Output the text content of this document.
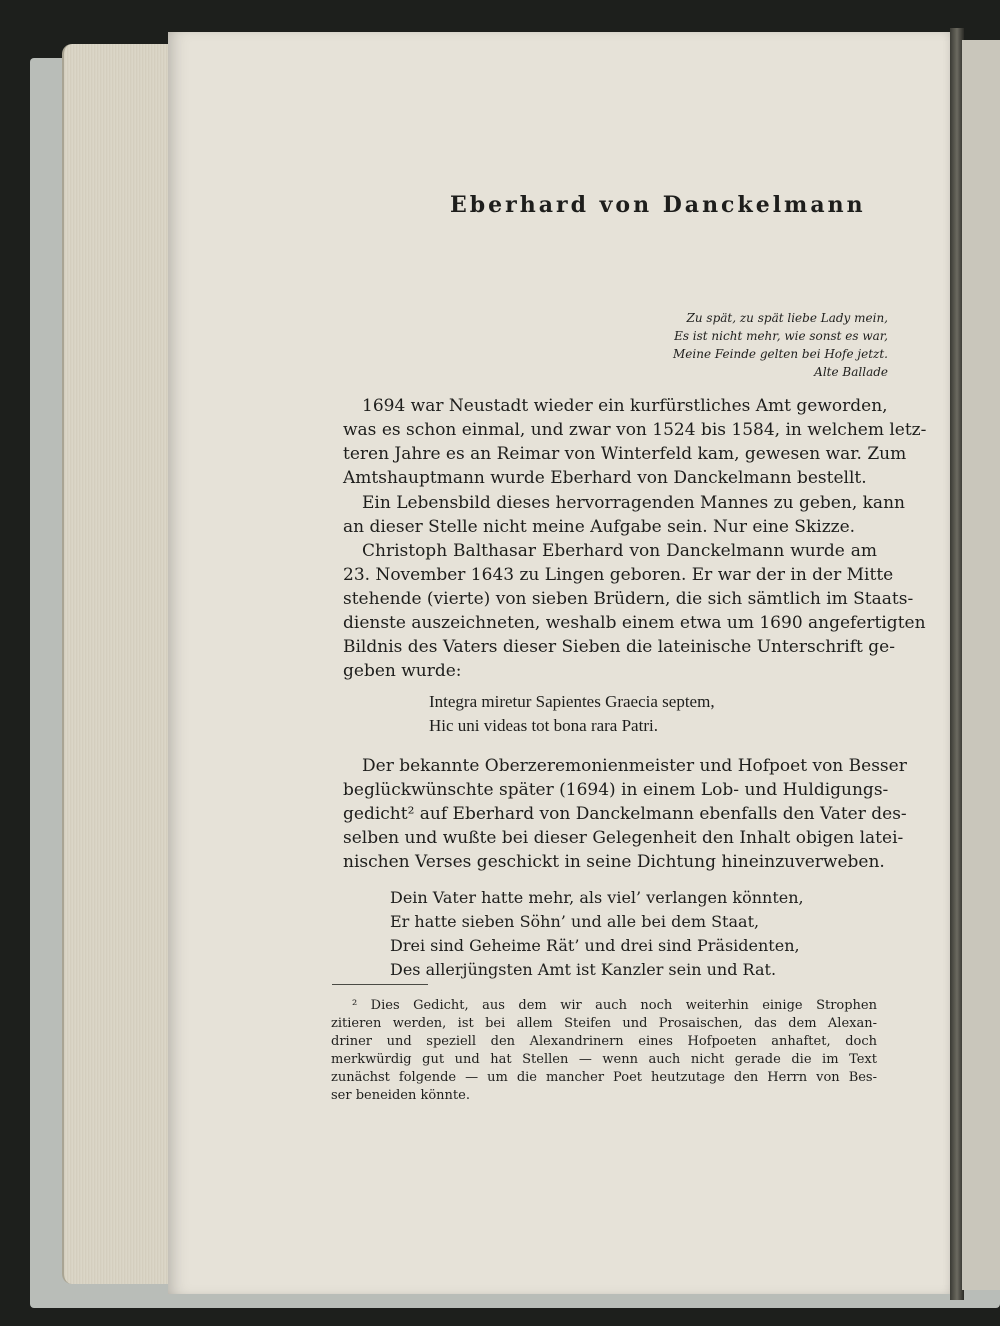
Eberhard von Danckelmann
Zu spät, zu spät liebe Lady mein,
Es ist nicht mehr, wie sonst es war,
Meine Feinde gelten bei Hofe jetzt.
Alte Ballade
1694 war Neustadt wieder ein kurfürstliches Amt geworden,
was es schon einmal, und zwar von 1524 bis 1584, in welchem letz-
teren Jahre es an Reimar von Winterfeld kam, gewesen war. Zum
Amtshauptmann wurde Eberhard von Danckelmann bestellt.
Ein Lebensbild dieses hervorragenden Mannes zu geben, kann
an dieser Stelle nicht meine Aufgabe sein. Nur eine Skizze.
Christoph Balthasar Eberhard von Danckelmann wurde am
23. November 1643 zu Lingen geboren. Er war der in der Mitte
stehende (vierte) von sieben Brüdern, die sich sämtlich im Staats-
dienste auszeichneten, weshalb einem etwa um 1690 angefertigten
Bildnis des Vaters dieser Sieben die lateinische Unterschrift ge-
geben wurde:
Integra miretur Sapientes Graecia septem,
Hic uni videas tot bona rara Patri.
Der bekannte Oberzeremonienmeister und Hofpoet von Besser
beglückwünschte später (1694) in einem Lob- und Huldigungs-
gedicht² auf Eberhard von Danckelmann ebenfalls den Vater des-
selben und wußte bei dieser Gelegenheit den Inhalt obigen latei-
nischen Verses geschickt in seine Dichtung hineinzuverweben.
Dein Vater hatte mehr, als viel’ verlangen könnten,
Er hatte sieben Söhn’ und alle bei dem Staat,
Drei sind Geheime Rät’ und drei sind Präsidenten,
Des allerjüngsten Amt ist Kanzler sein und Rat.
² Dies Gedicht, aus dem wir auch noch weiterhin einige Strophen
zitieren werden, ist bei allem Steifen und Prosaischen, das dem Alexan-
driner und speziell den Alexandrinern eines Hofpoeten anhaftet, doch
merkwürdig gut und hat Stellen — wenn auch nicht gerade die im Text
zunächst folgende — um die mancher Poet heutzutage den Herrn von Bes-
ser beneiden könnte.
